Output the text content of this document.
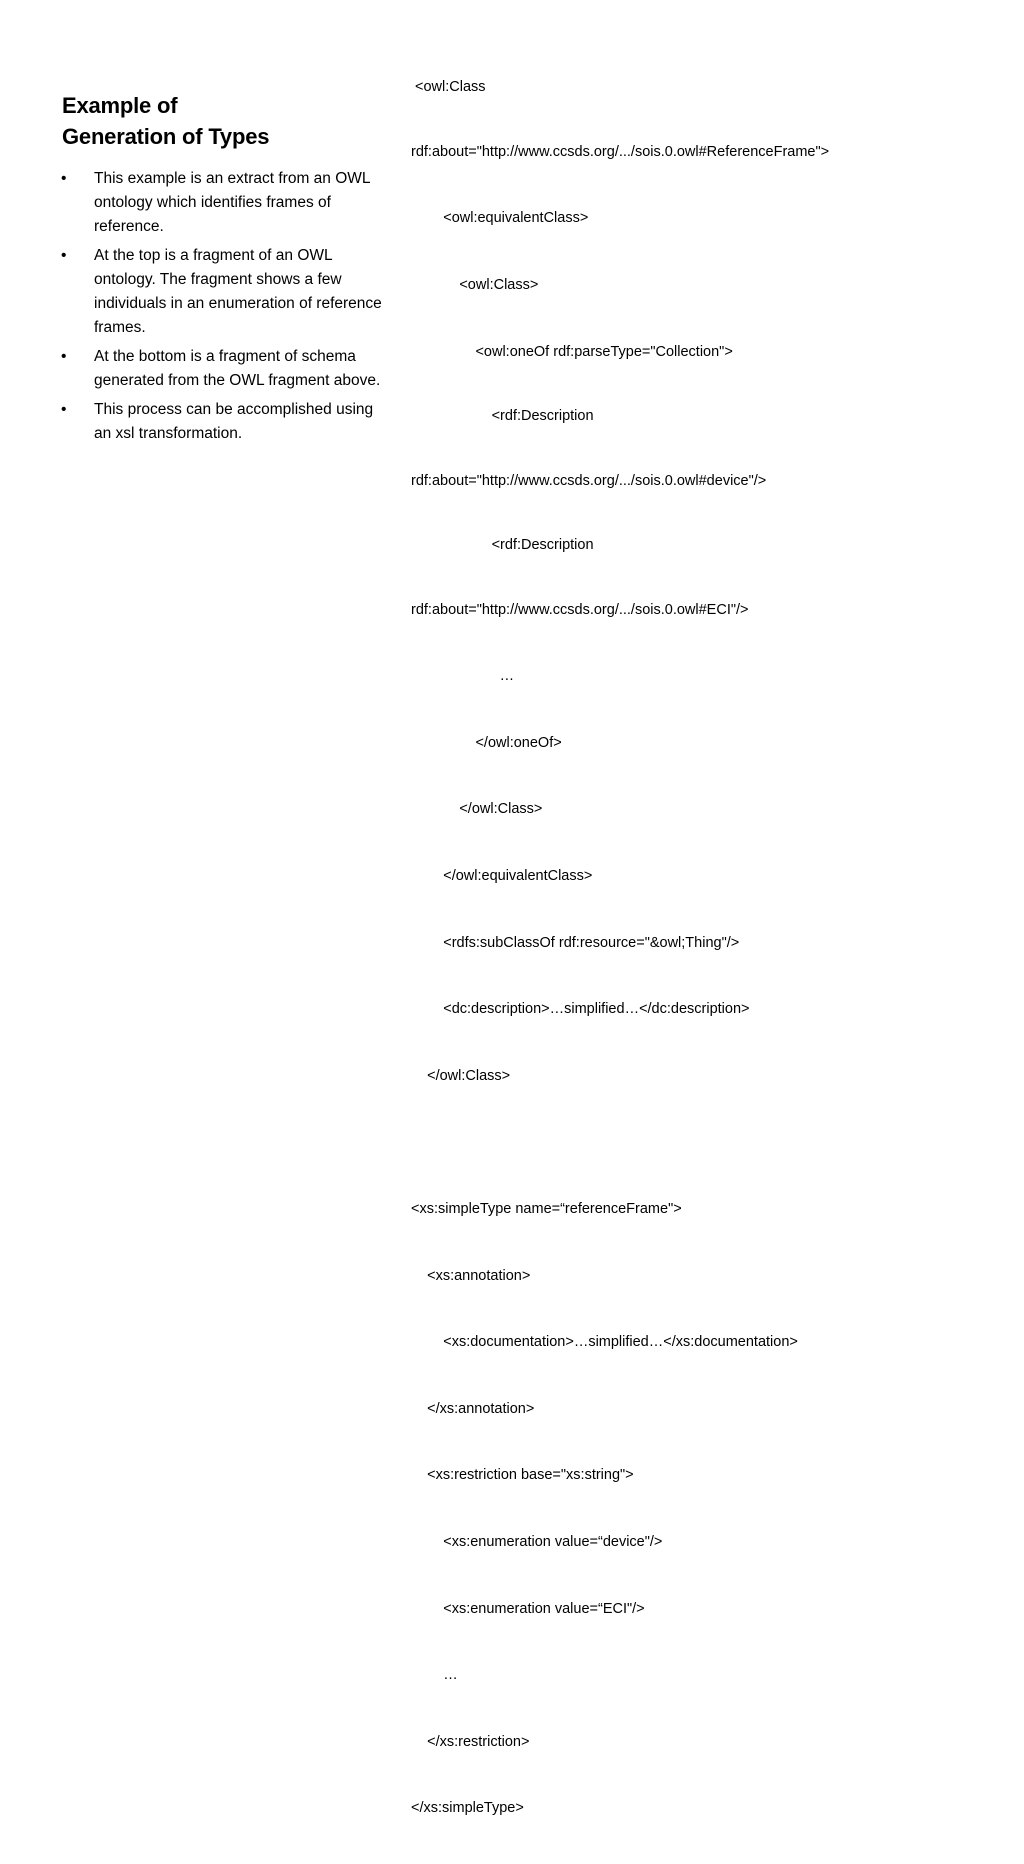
Example of
Generation of Types
• This example is an extract from an OWL ontology which identifies frames of reference.
• At the top is a fragment of an OWL ontology. The fragment shows a few individuals in an enumeration of reference frames.
• At the bottom is a fragment of schema generated from the OWL fragment above.
• This process can be accomplished using an xsl transformation.

<owl:Class

rdf:about="http://www.ccsds.org/.../sois.0.owl#ReferenceFrame">

<owl:equivalentClass>

<owl:Class>

<owl:oneOf rdf:parseType="Collection">

<rdf:Description

rdf:about="http://www.ccsds.org/.../sois.0.owl#device"/>

<rdf:Description

rdf:about="http://www.ccsds.org/.../sois.0.owl#ECI"/>

…

</owl:oneOf>

</owl:Class>

</owl:equivalentClass>

<rdfs:subClassOf rdf:resource="&owl;Thing"/>

<dc:description>…simplified…</dc:description>

</owl:Class>

<xs:simpleType name=“referenceFrame">

<xs:annotation>

<xs:documentation>…simplified…</xs:documentation>

</xs:annotation>

<xs:restriction base="xs:string">

<xs:enumeration value=“device"/>

<xs:enumeration value=“ECI"/>

…

</xs:restriction>

</xs:simpleType>
